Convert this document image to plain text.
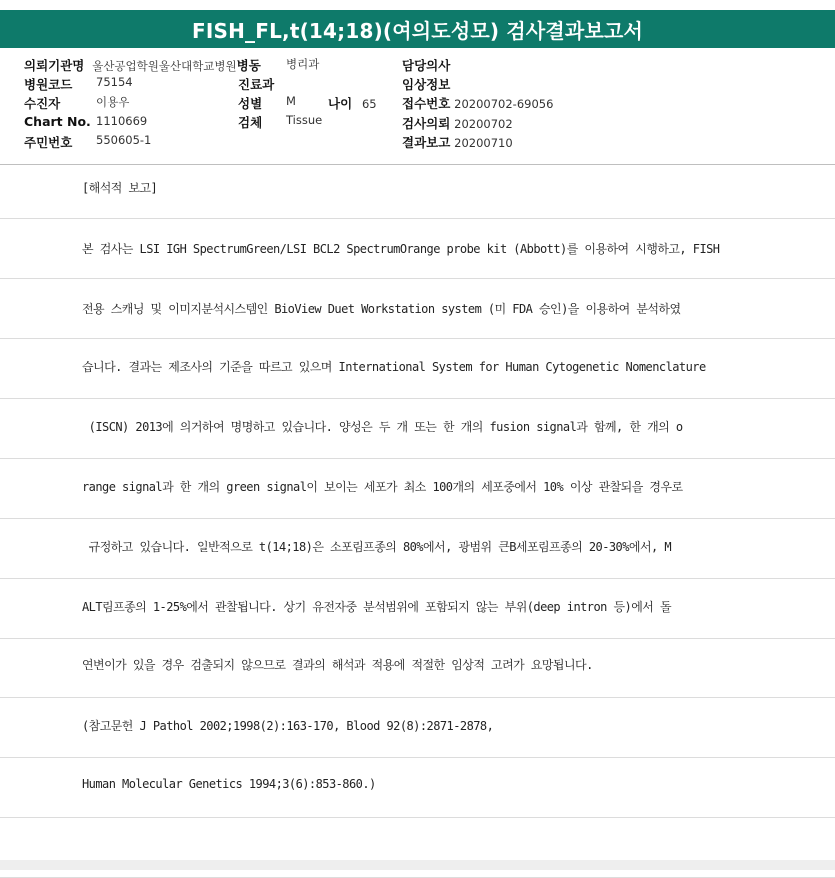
FISH_FL,t(14;18)(여의도성모) 검사결과보고서
의뢰기관명 울산공업학원울산대학교병원병동 병리과	담당의사
병원코드 75154	진료과	임상정보
수진자	이용우	성별 M	나이 65 접수번호 20200702-69056
Chart No. 1110669	검체 Tissue	검사의뢰 20200702
주민번호 550605-1	결과보고 20200710
[해석적 보고]
본 검사는 LSI IGH SpectrumGreen/LSI BCL2 SpectrumOrange probe kit (Abbott)를 이용하여 시행하고, FISH
전용 스캐닝 및 이미지분석시스템인 BioView Duet Workstation system (미 FDA 승인)을 이용하여 분석하였
습니다. 결과는 제조사의 기준을 따르고 있으며 International System for Human Cytogenetic Nomenclature
(ISCN) 2013에 의거하여 명명하고 있습니다. 양성은 두 개 또는 한 개의 fusion signal과 함께, 한 개의 o
range signal과 한 개의 green signal이 보이는 세포가 최소 100개의 세포중에서 10% 이상 관찰되을 경우로
규정하고 있습니다. 일반적으로 t(14;18)은 소포림프종의 80%에서, 광범위 큰B세포림프종의 20-30%에서, M
ALT림프종의 1-25%에서 관찰됩니다. 상기 유전자중 분석범위에 포함되지 않는 부위(deep intron 등)에서 돌
연변이가 있을 경우 검출되지 않으므로 결과의 해석과 적용에 적절한 임상적 고려가 요망됩니다.
(참고문헌 J Pathol 2002;1998(2):163-170, Blood 92(8):2871-2878,
Human Molecular Genetics 1994;3(6):853-860.)
